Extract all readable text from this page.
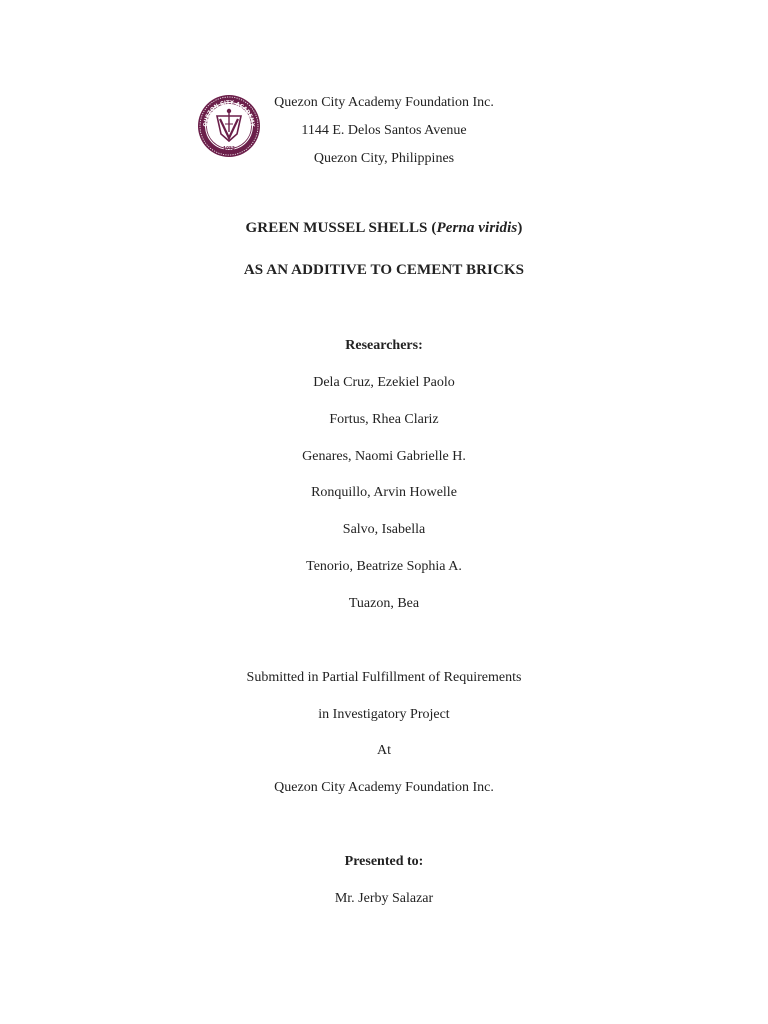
QUEZON CITY ACADEMY
1953
Quezon City Academy Foundation Inc.
1144 E. Delos Santos Avenue
Quezon City, Philippines
GREEN MUSSEL SHELLS (Perna viridis)
AS AN ADDITIVE TO CEMENT BRICKS
Researchers:
Dela Cruz, Ezekiel Paolo
Fortus, Rhea Clariz
Genares, Naomi Gabrielle H.
Ronquillo, Arvin Howelle
Salvo, Isabella
Tenorio, Beatrize Sophia A.
Tuazon, Bea
Submitted in Partial Fulfillment of Requirements
in Investigatory Project
At
Quezon City Academy Foundation Inc.
Presented to:
Mr. Jerby Salazar
